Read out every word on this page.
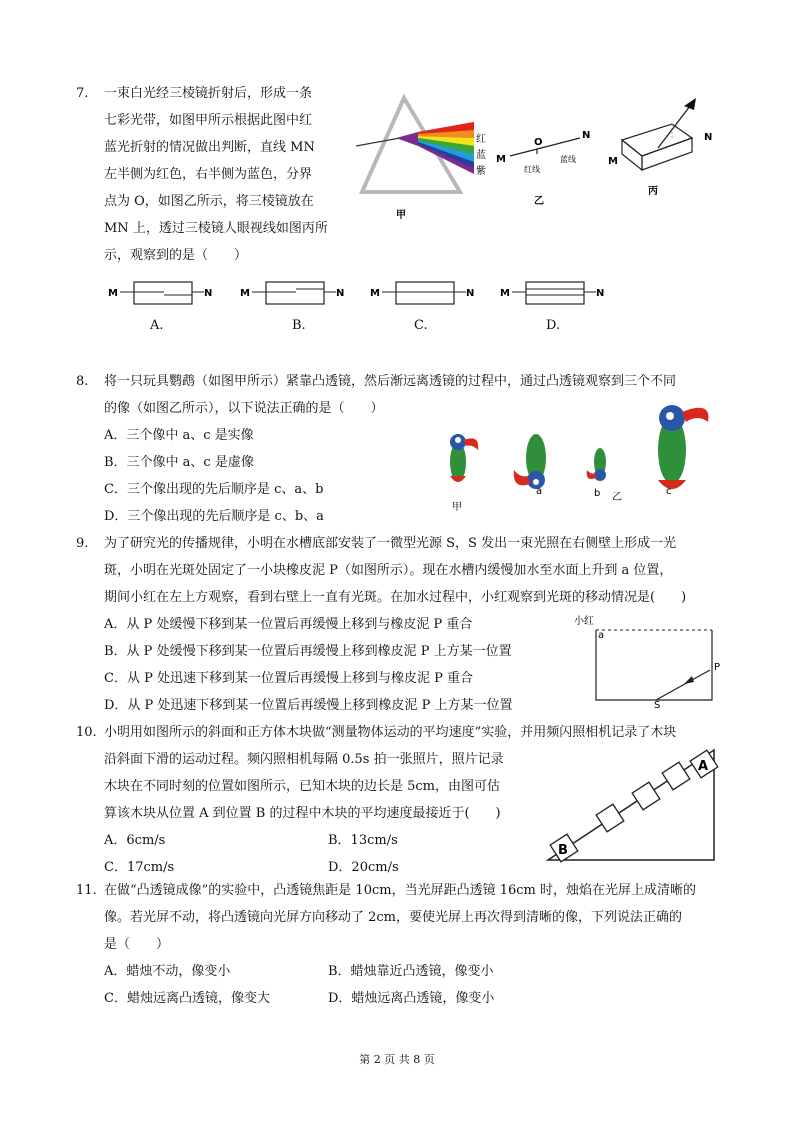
7. 一束白光经三棱镜折射后，形成一条
七彩光带，如图甲所示根据此图中红
蓝光折射的情况做出判断，直线 MN
左半侧为红色，右半侧为蓝色，分界
点为 O，如图乙所示，将三棱镜放在
MN 上，透过三棱镜人眼视线如图丙所
示，观察到的是（　　）
红
蓝
紫
甲
M
N
O
红线
蓝线
乙
M
N
丙
M	N	M	N	M	N	M	N
A.	B.	C.	D.
8. 将一只玩具鹦鹉（如图甲所示）紧靠凸透镜，然后渐远离透镜的过程中，通过凸透镜观察到三个不同
的像（如图乙所示），以下说法正确的是（　　）
A．三个像中 a、c 是实像
B．三个像中 a、c 是虚像
C．三个像出现的先后顺序是 c、a、b
D．三个像出现的先后顺序是 c、b、a
甲
a	b 乙
c
9. 为了研究光的传播规律，小明在水槽底部安装了一微型光源 S，S 发出一束光照在右侧壁上形成一光
斑，小明在光斑处固定了一小块橡皮泥 P（如图所示）。现在水槽内缓慢加水至水面上升到 a 位置，
期间小红在左上方观察，看到右壁上一直有光斑。在加水过程中，小红观察到光斑的移动情况是(　　)
A．从 P 处缓慢下移到某一位置后再缓慢上移到与橡皮泥 P 重合
B．从 P 处缓慢下移到某一位置后再缓慢上移到橡皮泥 P 上方某一位置
C．从 P 处迅速下移到某一位置后再缓慢上移到与橡皮泥 P 重合
D．从 P 处迅速下移到某一位置后再缓慢上移到橡皮泥 P 上方某一位置
小红
a
P
S
10. 小明用如图所示的斜面和正方体木块做“测量物体运动的平均速度”实验，并用频闪照相机记录了木块
沿斜面下滑的运动过程。频闪照相机每隔 0.5s 拍一张照片，照片记录
木块在不同时刻的位置如图所示，已知木块的边长是 5cm，由图可估
算该木块从位置 A 到位置 B 的过程中木块的平均速度最接近于(　　)
A．6cm/s	B．13cm/s
C．17cm/s	D．20cm/s
A
B
11. 在做“凸透镜成像”的实验中，凸透镜焦距是 10cm，当光屏距凸透镜 16cm 时，烛焰在光屏上成清晰的
像。若光屏不动，将凸透镜向光屏方向移动了 2cm，要使光屏上再次得到清晰的像，下列说法正确的
是（　　）
A．蜡烛不动，像变小	B．蜡烛靠近凸透镜，像变小
C．蜡烛远离凸透镜，像变大	D．蜡烛远离凸透镜，像变小
第 2 页 共 8 页
